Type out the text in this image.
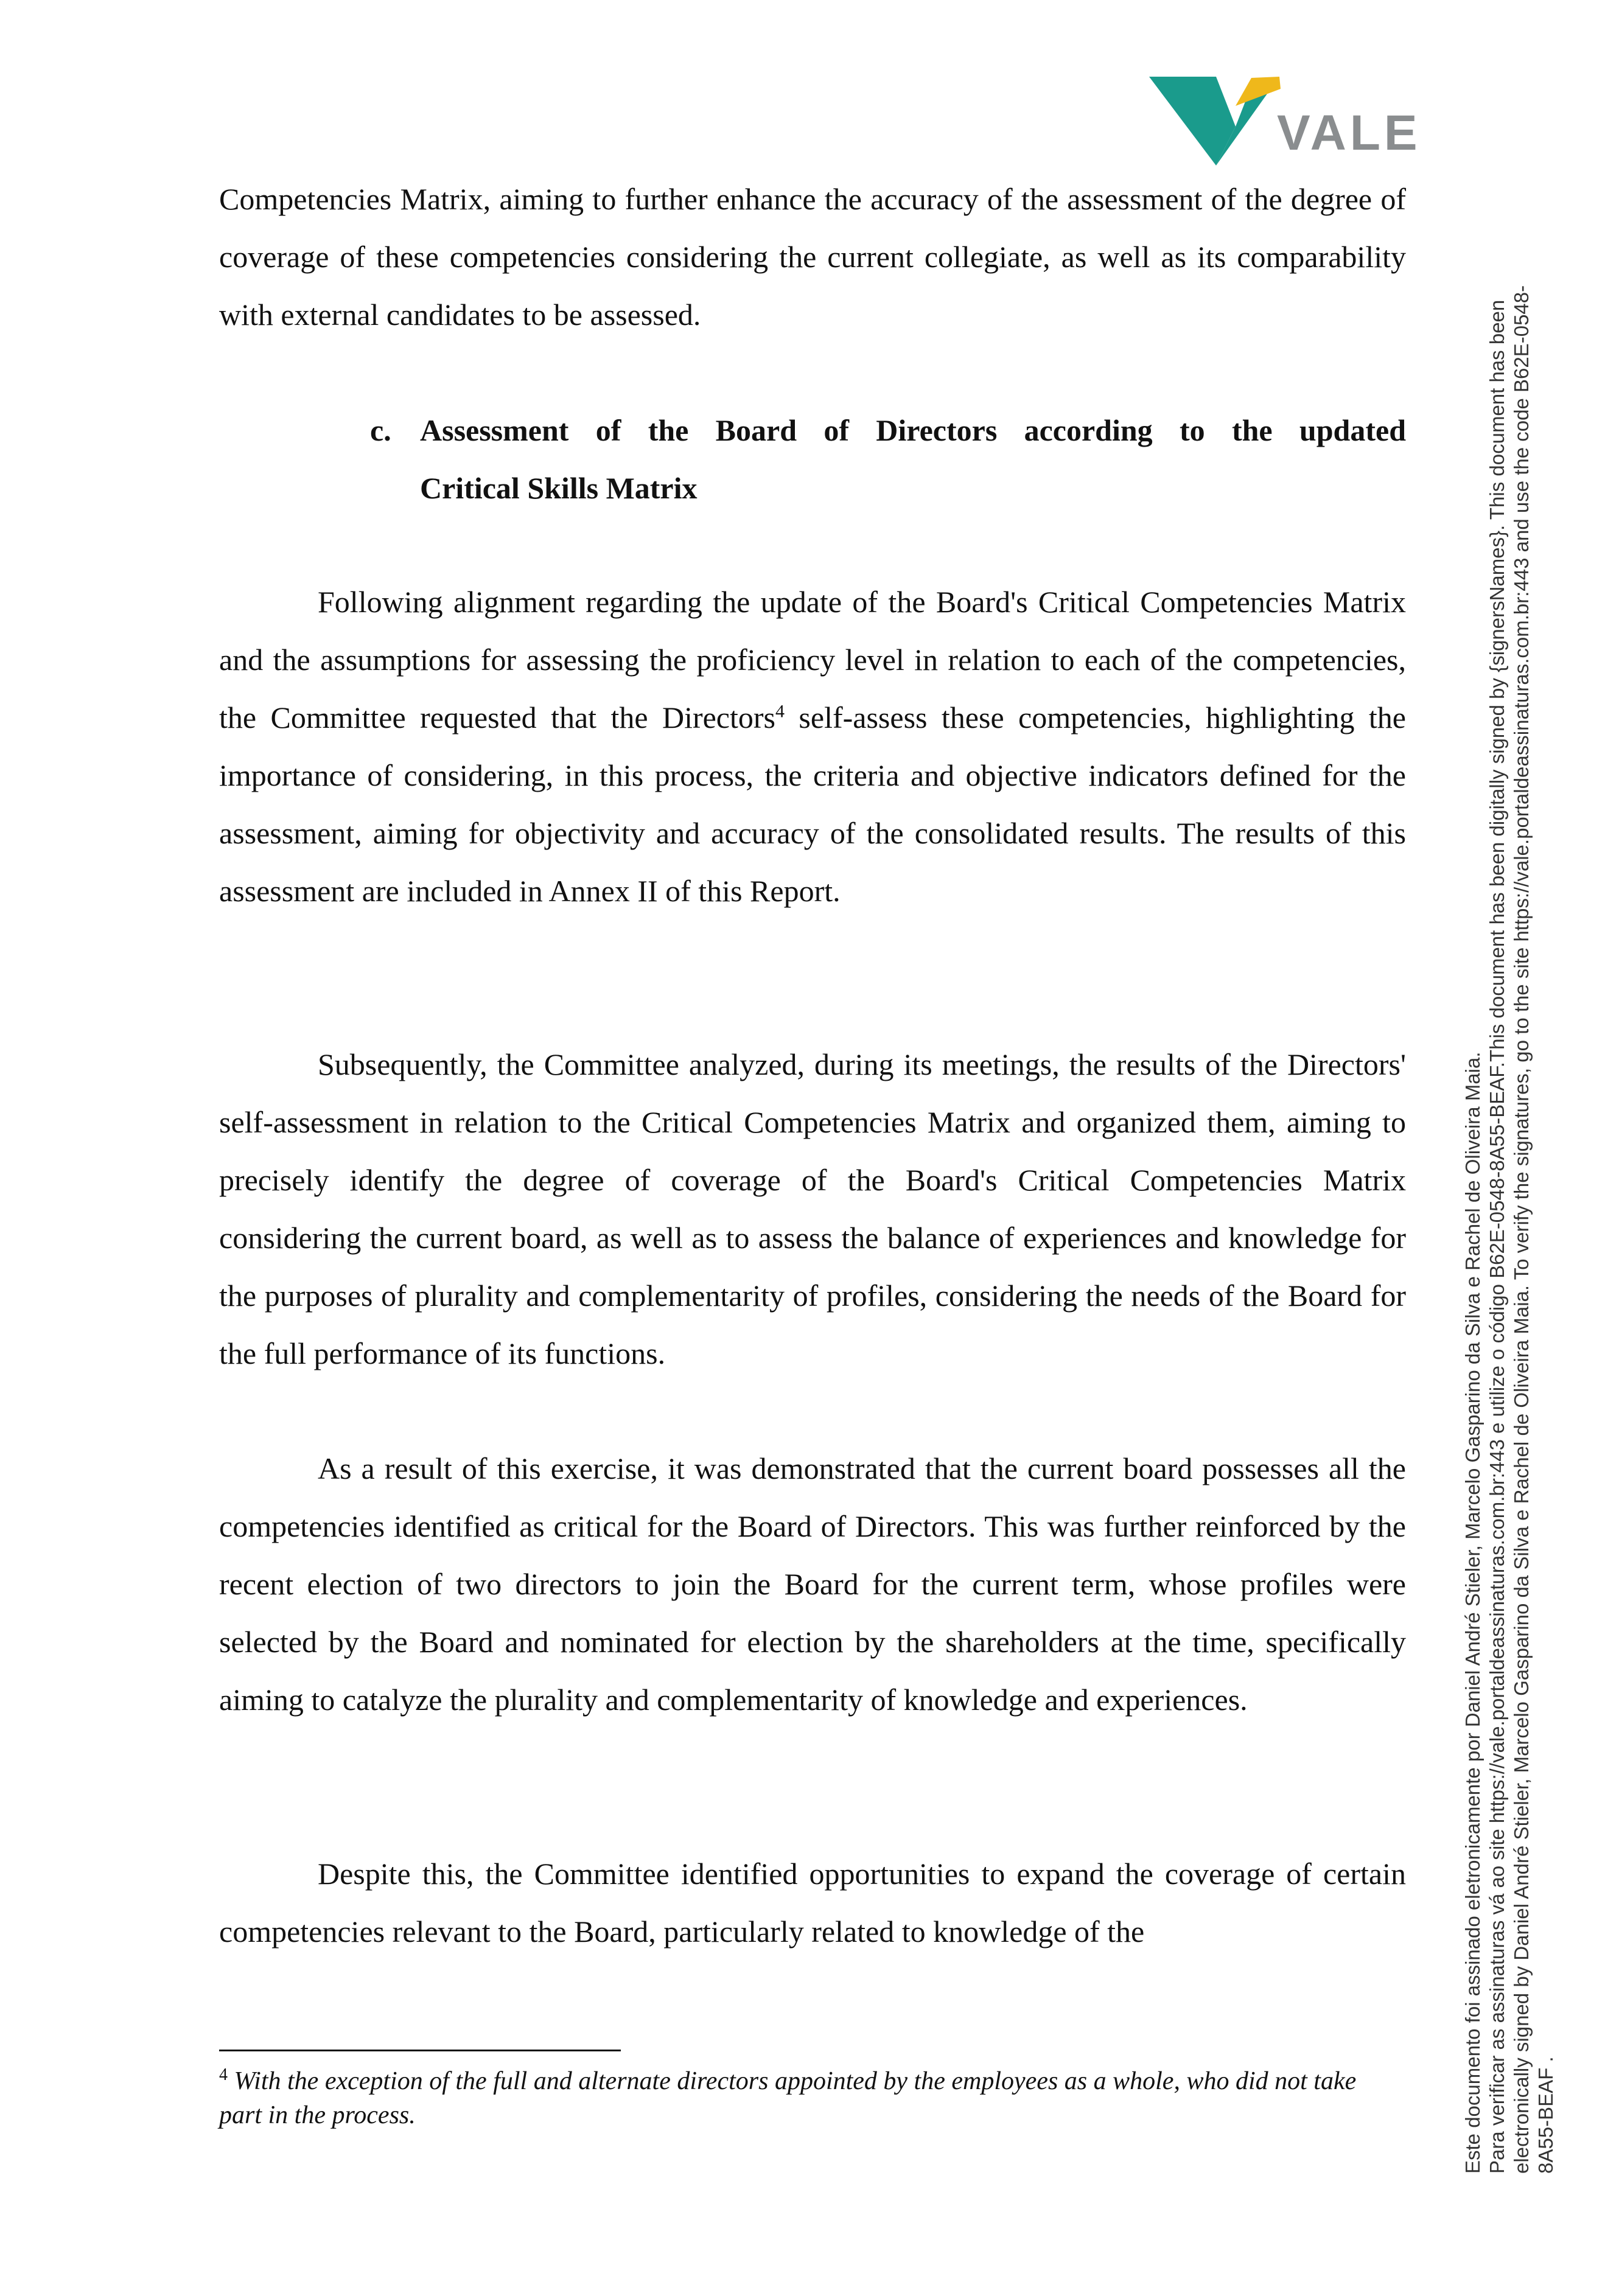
VALE

Competencies Matrix, aiming to further enhance the accuracy of the assessment of the degree of coverage of these competencies considering the current collegiate, as well as its comparability with external candidates to be assessed.

c. Assessment of the Board of Directors according to the updated
Critical Skills Matrix

Following alignment regarding the update of the Board's Critical Competencies Matrix and the assumptions for assessing the proficiency level in relation to each of the competencies, the Committee requested that the Directors$^4$ self-assess these competencies, highlighting the importance of considering, in this process, the criteria and objective indicators defined for the assessment, aiming for objectivity and accuracy of the consolidated results. The results of this assessment are included in Annex II of this Report.

Subsequently, the Committee analyzed, during its meetings, the results of the Directors' self-assessment in relation to the Critical Competencies Matrix and organized them, aiming to precisely identify the degree of coverage of the Board's Critical Competencies Matrix considering the current board, as well as to assess the balance of experiences and knowledge for the purposes of plurality and complementarity of profiles, considering the needs of the Board for the full performance of its functions.

As a result of this exercise, it was demonstrated that the current board possesses all the competencies identified as critical for the Board of Directors. This was further reinforced by the recent election of two directors to join the Board for the current term, whose profiles were selected by the Board and nominated for election by the shareholders at the time, specifically aiming to catalyze the plurality and complementarity of knowledge and experiences.

Despite this, the Committee identified opportunities to expand the coverage of certain competencies relevant to the Board, particularly related to knowledge of the

$^4$ With the exception of the full and alternate directors appointed by the employees as a whole, who did not take part in the process.	Este documento foi assinado eletronicamente por Daniel André Stieler, Marcelo Gasparino da Silva e Rachel de Oliveira Maia. Para verificar as assinaturas vá ao site https://vale.portaldeassinaturas.com.br:443 e utilize o código B62E-0548-8A55-BEAF.This document has been digitally signed by {signersNames}. This document has been electronically signed by Daniel André Stieler, Marcelo Gasparino da Silva e Rachel de Oliveira Maia. To verify the signatures, go to the site https://vale.portaldeassinaturas.com.br:443 and use the code B62E-0548- 8A55-BEAF .
